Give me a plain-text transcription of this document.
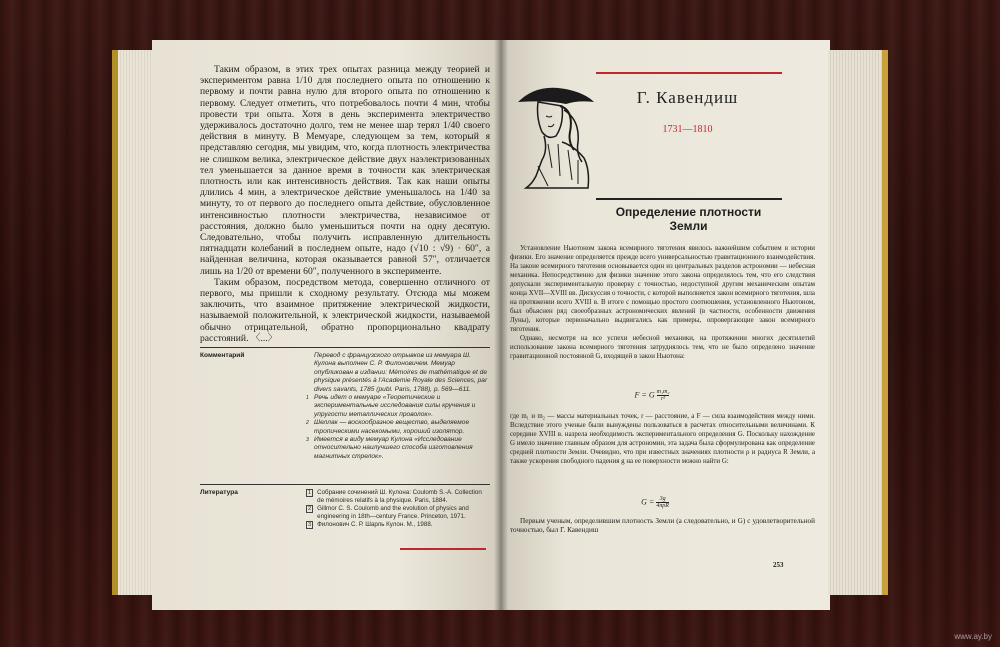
Таким образом, в этих трех опытах разница между теорией и экспериментом равна 1/10 для последнего опыта по отношению к первому и почти равна нулю для второго опыта по отношению к первому. Следует отметить, что потребовалось почти 4 мин, чтобы провести три опыта. Хотя в день эксперимента электричество удерживалось достаточно долго, тем не менее шар терял 1/40 своего действия в минуту. В Мемуаре, следующем за тем, который я представляю сегодня, мы увидим, что, когда плотность электричества не слишком велика, электрическое действие двух наэлектризованных тел уменьшается за данное время в точности как электрическая плотность или как интенсивность действия. Так как наши опыты длились 4 мин, а электрическое действие уменьшалось на 1/40 за минуту, то от первого до последнего опыта действие, обусловленное интенсивностью плотности электричества, независимое от расстояния, должно было уменьшиться почти на одну десятую. Следовательно, чтобы получить исправленную длительность пятнадцати колебаний в последнем опыте, надо (√10 : √9) · 60″, а найденная величина, которая оказывается равной 57″, отличается лишь на 1/20 от времени 60″, полученного в эксперименте.

Таким образом, посредством метода, совершенно отличного от первого, мы пришли к сходному результату. Отсюда мы можем заключить, что взаимное притяжение электрической жидкости, называемой положительной, к электрической жидкости, называемой обычно отрицательной, обратно пропорционально квадрату расстояний. 〈...〉

Комментарий	Перевод с французского отрывков из мемуара Ш. Кулона выполнен С. Р. Филоновичем. Мемуар опубликован в издании: Mémoires de mathématique et de physique présentés à l'Academie Royale des Sciences, par divers savants, 1785 (publ. Paris, 1788), p. 569—611.
1 Речь идет о мемуаре «Теоретические и экспериментальные исследования силы кручения и упругости металлических проволок».
2 Шеллак — воскообразное вещество, выделяемое тропическими насекомыми, хороший изолятор.
3 Имеется в виду мемуар Кулона «Исследование относительно наилучшего способа изготовления магнитных стрелок».
Литература	1 Собрание сочинений Ш. Кулона: Coulomb S.-A. Collection de mémoires relatifs à la physique. Paris, 1884.
2 Gillmor C. S. Coulomb and the evolution of physics and engineering in 18th—century France. Princeton, 1971.
3 Филонович С. Р. Шарль Кулон. М., 1988.
Г. Кавендиш
1731—1810
Определение плотности Земли

Установление Ньютоном закона всемирного тяготения явилось важнейшим событием в истории физики. Его значение определяется прежде всего универсальностью гравитационного взаимодействия. На законе всемирного тяготения основывается один из центральных разделов астрономии — небесная механика. Непосредственно для физики значение этого закона определялось тем, что его следствия допускали экспериментальную проверку с точностью, недоступной другим механическим опытам конца XVII—XVIII вв. Дискуссия о точности, с которой выполняется закон всемирного тяготения, шла на протяжении всего XVIII в. В итоге с помощью простого соотношения, установленного Ньютоном, был объяснен ряд своеобразных астрономических явлений (в частности, особенности движения Луны), которые первоначально выдвигались как примеры, опровергающие закон всемирного тяготения.

Однако, несмотря на все успехи небесной механики, на протяжении многих десятилетий использование закона всемирного тяготения затруднялось тем, что не было определено значение гравитационной постоянной G, входящей в закон Ньютона:

F = G $\frac{\text{m₁m₂}}{\text{r²}}$

где m₁ и m₂ — массы материальных точек, r — расстояние, а F — сила взаимодействия между ними. Вследствие этого ученые были вынуждены пользоваться в расчетах относительными величинами. К середине XVIII в. назрела необходимость экспериментального определения G. Поскольку нахождение G имело значение главным образом для астрономии, эта задача была сформулирована как определение средней плотности Земли. Очевидно, что при известных значениях плотности ρ и радиуса R Земли, а также ускорения свободного падения g на ее поверхности можно найти G:

$G = \frac{3g}{\text{4πρR}}$

Первым ученым, определившим плотность Земли (а следовательно, и G) с удовлетворительной точностью, был Г. Кавендиш

253
www.ay.by
